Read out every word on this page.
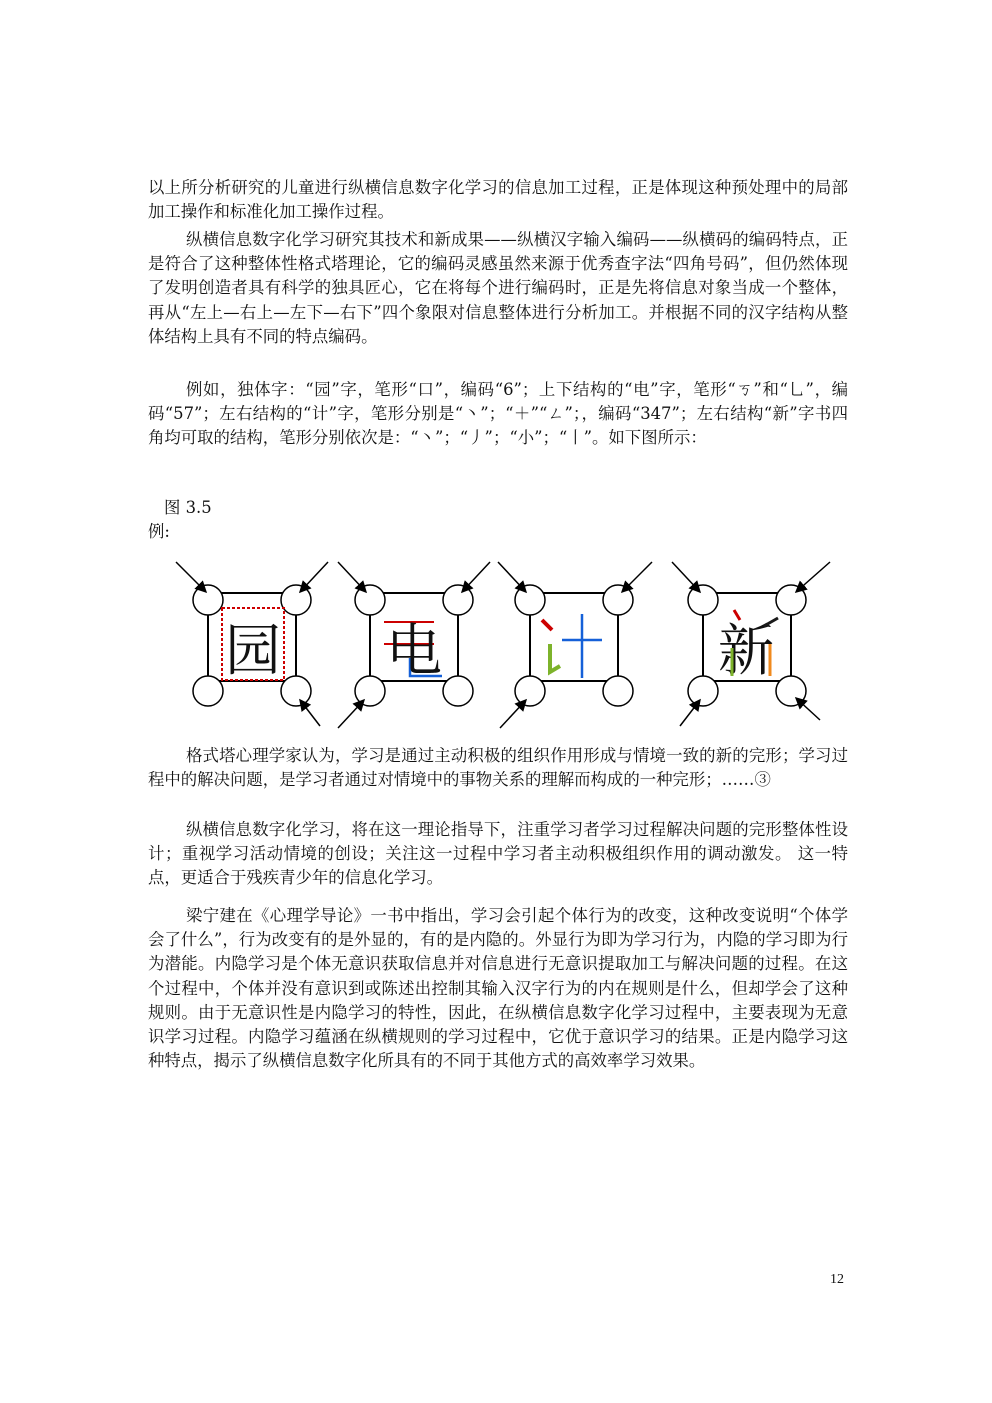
以上所分析研究的儿童进行纵横信息数字化学习的信息加工过程，正是体现这种预处理中的局部加工操作和标准化加工操作过程。

纵横信息数字化学习研究其技术和新成果——纵横汉字输入编码——纵横码的编码特点，正是符合了这种整体性格式塔理论，它的编码灵感虽然来源于优秀查字法“四角号码”，但仍然体现了发明创造者具有科学的独具匠心，它在将每个进行编码时，正是先将信息对象当成一个整体，再从“左上—右上—左下—右下”四个象限对信息整体进行分析加工。并根据不同的汉字结构从整体结构上具有不同的特点编码。

例如，独体字：“园”字，笔形“口”，编码“6”；上下结构的“电”字，笔形“ㄎ”和“乚”，编码“57”；左右结构的“计”字，笔形分别是“丶”；“＋”“ㄥ”；，编码“347”；左右结构“新”字书四角均可取的结构，笔形分别依次是：“丶”；“丿”；“小”；“丨”。如下图所示：

图 3.5
例:
园 电 计 新

格式塔心理学家认为，学习是通过主动积极的组织作用形成与情境一致的新的完形；学习过程中的解决问题，是学习者通过对情境中的事物关系的理解而构成的一种完形；……③

纵横信息数字化学习，将在这一理论指导下，注重学习者学习过程解决问题的完形整体性设计；重视学习活动情境的创设；关注这一过程中学习者主动积极组织作用的调动激发。 这一特点，更适合于残疾青少年的信息化学习。

梁宁建在《心理学导论》一书中指出，学习会引起个体行为的改变，这种改变说明“个体学会了什么”，行为改变有的是外显的，有的是内隐的。外显行为即为学习行为，内隐的学习即为行为潜能。内隐学习是个体无意识获取信息并对信息进行无意识提取加工与解决问题的过程。在这个过程中，个体并没有意识到或陈述出控制其输入汉字行为的内在规则是什么，但却学会了这种规则。由于无意识性是内隐学习的特性，因此，在纵横信息数字化学习过程中，主要表现为无意识学习过程。内隐学习蕴涵在纵横规则的学习过程中，它优于意识学习的结果。正是内隐学习这种特点，揭示了纵横信息数字化所具有的不同于其他方式的高效率学习效果。

12
